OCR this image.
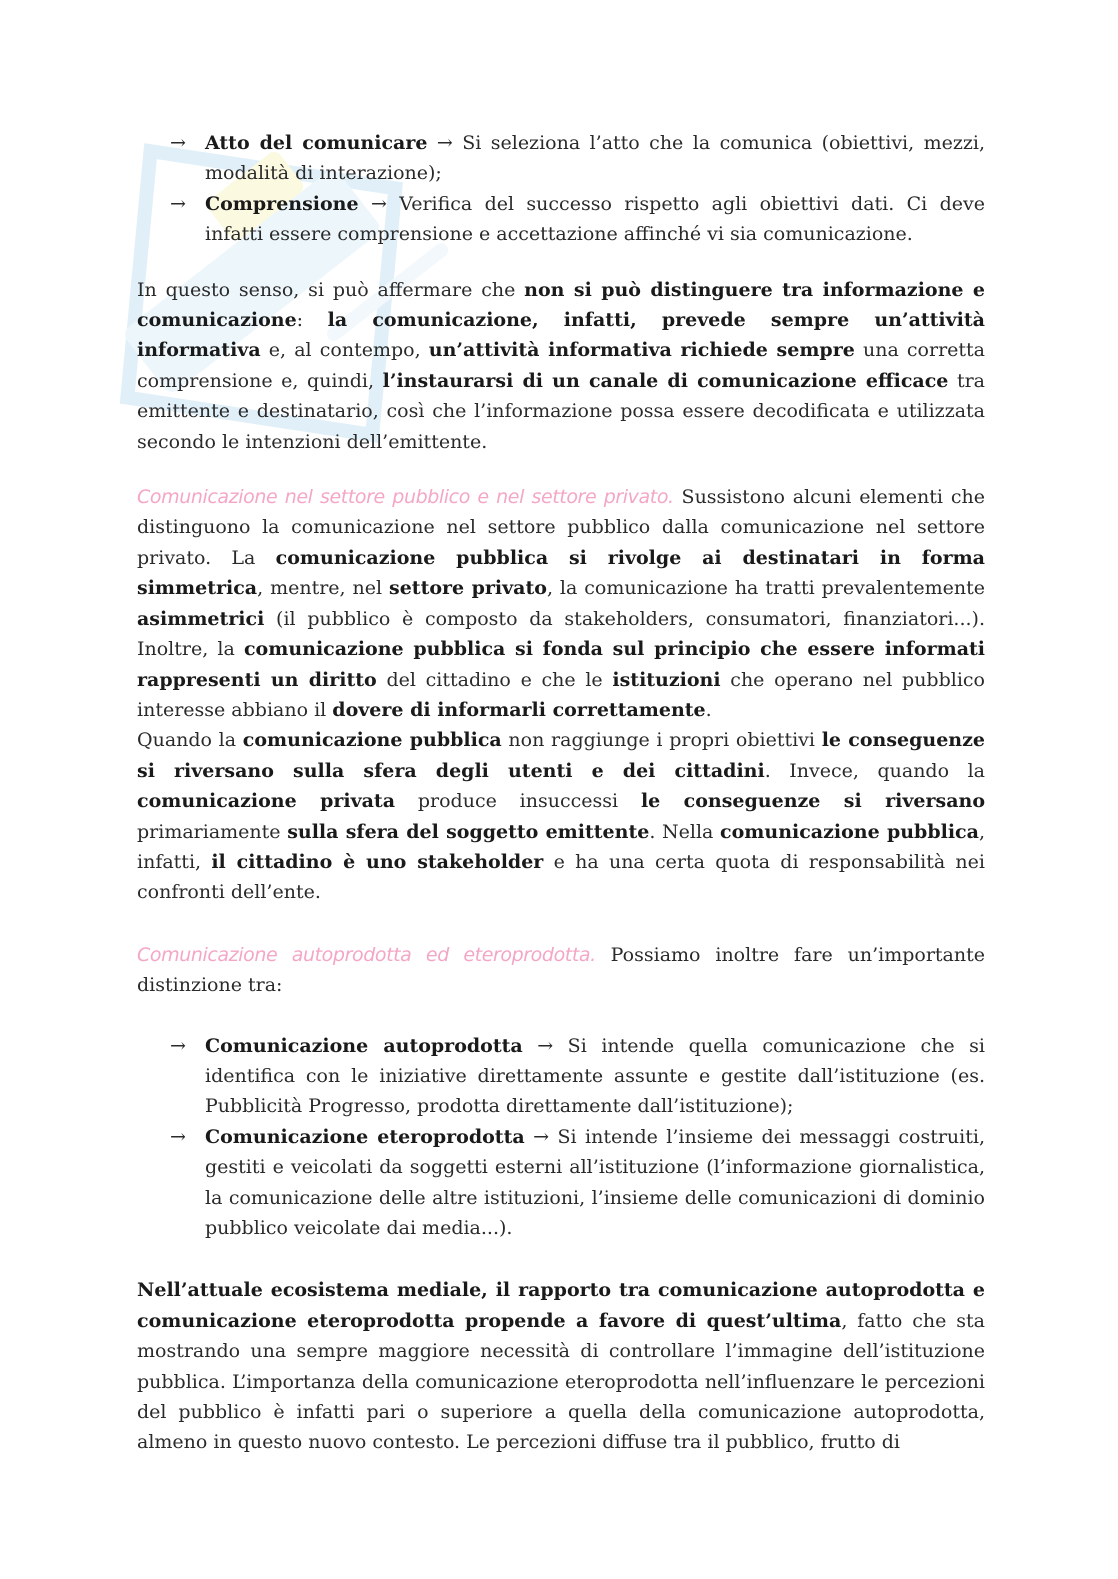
→ Atto del comunicare → Si seleziona l’atto che la comunica (obiettivi, mezzi, modalità di interazione);
→ Comprensione → Verifica del successo rispetto agli obiettivi dati. Ci deve infatti essere comprensione e accettazione affinché vi sia comunicazione.

In questo senso, si può affermare che non si può distinguere tra informazione e comunicazione: la comunicazione, infatti, prevede sempre un’attività informativa e, al contempo, un’attività informativa richiede sempre una corretta comprensione e, quindi, l’instaurarsi di un canale di comunicazione efficace tra emittente e destinatario, così che l’informazione possa essere decodificata e utilizzata secondo le intenzioni dell’emittente.

Comunicazione nel settore pubblico e nel settore privato. Sussistono alcuni elementi che distinguono la comunicazione nel settore pubblico dalla comunicazione nel settore privato. La comunicazione pubblica si rivolge ai destinatari in forma simmetrica, mentre, nel settore privato, la comunicazione ha tratti prevalentemente asimmetrici (il pubblico è composto da stakeholders, consumatori, finanziatori...). Inoltre, la comunicazione pubblica si fonda sul principio che essere informati rappresenti un diritto del cittadino e che le istituzioni che operano nel pubblico interesse abbiano il dovere di informarli correttamente.

Quando la comunicazione pubblica non raggiunge i propri obiettivi le conseguenze si riversano sulla sfera degli utenti e dei cittadini. Invece, quando la comunicazione privata produce insuccessi le conseguenze si riversano primariamente sulla sfera del soggetto emittente. Nella comunicazione pubblica, infatti, il cittadino è uno stakeholder e ha una certa quota di responsabilità nei confronti dell’ente.

Comunicazione autoprodotta ed eteroprodotta. Possiamo inoltre fare un’importante distinzione tra:

→ Comunicazione autoprodotta → Si intende quella comunicazione che si identifica con le iniziative direttamente assunte e gestite dall’istituzione (es. Pubblicità Progresso, prodotta direttamente dall’istituzione);
→ Comunicazione eteroprodotta → Si intende l’insieme dei messaggi costruiti, gestiti e veicolati da soggetti esterni all’istituzione (l’informazione giornalistica, la comunicazione delle altre istituzioni, l’insieme delle comunicazioni di dominio pubblico veicolate dai media...).

Nell’attuale ecosistema mediale, il rapporto tra comunicazione autoprodotta e comunicazione eteroprodotta propende a favore di quest’ultima, fatto che sta mostrando una sempre maggiore necessità di controllare l’immagine dell’istituzione pubblica. L’importanza della comunicazione eteroprodotta nell’influenzare le percezioni del pubblico è infatti pari o superiore a quella della comunicazione autoprodotta, almeno in questo nuovo contesto. Le percezioni diffuse tra il pubblico, frutto di
